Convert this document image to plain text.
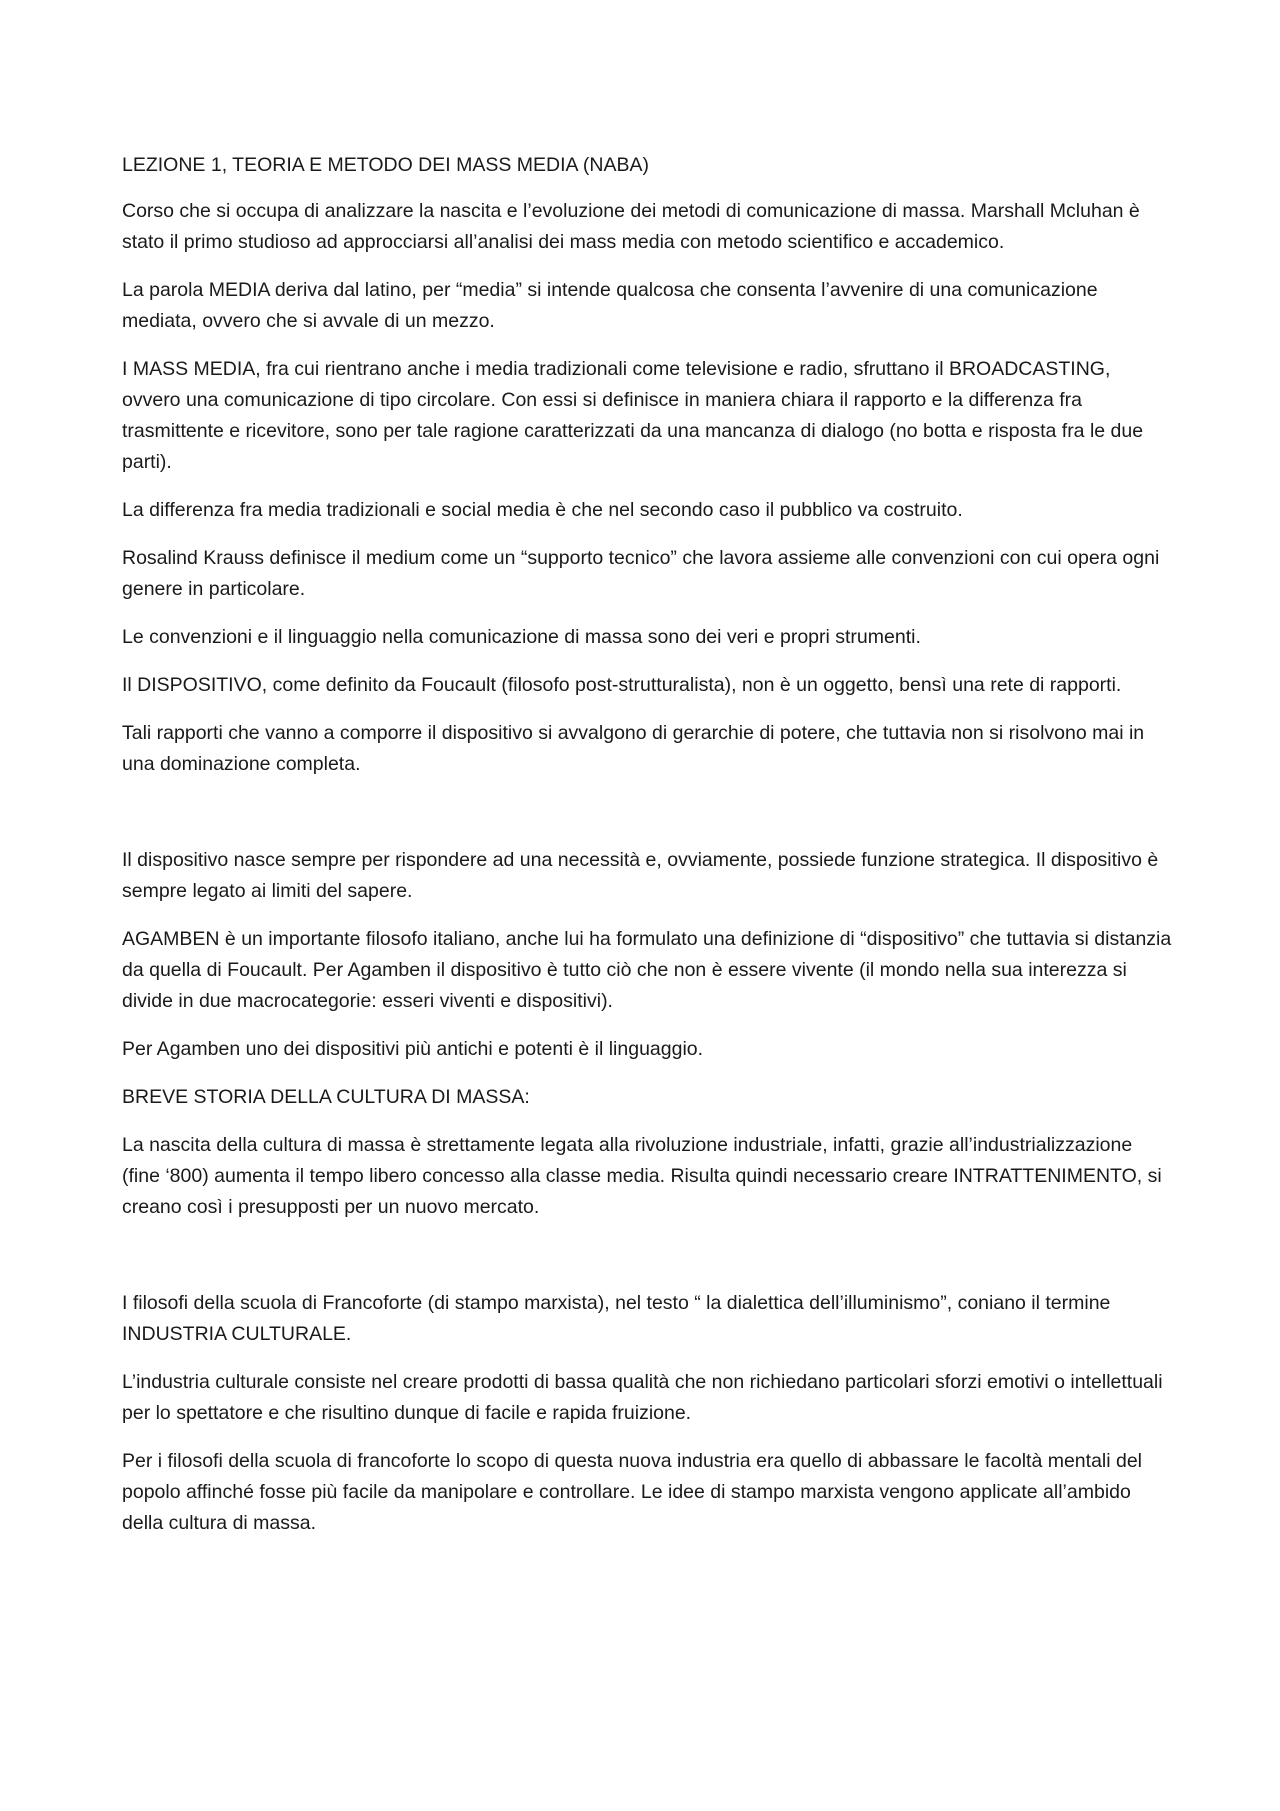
LEZIONE 1, TEORIA E METODO DEI MASS MEDIA (NABA)

Corso che si occupa di analizzare la nascita e l’evoluzione dei metodi di comunicazione di massa. Marshall Mcluhan è stato il primo studioso ad approcciarsi all’analisi dei mass media con metodo scientifico e accademico.

La parola MEDIA deriva dal latino, per “media” si intende qualcosa che consenta l’avvenire di una comunicazione mediata, ovvero che si avvale di un mezzo.

I MASS MEDIA, fra cui rientrano anche i media tradizionali come televisione e radio, sfruttano il BROADCASTING, ovvero una comunicazione di tipo circolare. Con essi si definisce in maniera chiara il rapporto e la differenza fra trasmittente e ricevitore, sono per tale ragione caratterizzati da una mancanza di dialogo (no botta e risposta fra le due parti).

La differenza fra media tradizionali e social media è che nel secondo caso il pubblico va costruito.

Rosalind Krauss definisce il medium come un “supporto tecnico” che lavora assieme alle convenzioni con cui opera ogni genere in particolare.

Le convenzioni e il linguaggio nella comunicazione di massa sono dei veri e propri strumenti.

Il DISPOSITIVO, come definito da Foucault (filosofo post-strutturalista), non è un oggetto, bensì una rete di rapporti.

Tali rapporti che vanno a comporre il dispositivo si avvalgono di gerarchie di potere, che tuttavia non si risolvono mai in una dominazione completa.

Il dispositivo nasce sempre per rispondere ad una necessità e, ovviamente, possiede funzione strategica. Il dispositivo è sempre legato ai limiti del sapere.

AGAMBEN è un importante filosofo italiano, anche lui ha formulato una definizione di “dispositivo” che tuttavia si distanzia da quella di Foucault. Per Agamben il dispositivo è tutto ciò che non è essere vivente (il mondo nella sua interezza si divide in due macrocategorie: esseri viventi e dispositivi).

Per Agamben uno dei dispositivi più antichi e potenti è il linguaggio.

BREVE STORIA DELLA CULTURA DI MASSA:

La nascita della cultura di massa è strettamente legata alla rivoluzione industriale, infatti, grazie all’industrializzazione (fine ‘800) aumenta il tempo libero concesso alla classe media. Risulta quindi necessario creare INTRATTENIMENTO, si creano così i presupposti per un nuovo mercato.

I filosofi della scuola di Francoforte (di stampo marxista), nel testo “ la dialettica dell’illuminismo”, coniano il termine INDUSTRIA CULTURALE.

L’industria culturale consiste nel creare prodotti di bassa qualità che non richiedano particolari sforzi emotivi o intellettuali per lo spettatore e che risultino dunque di facile e rapida fruizione.

Per i filosofi della scuola di francoforte lo scopo di questa nuova industria era quello di abbassare le facoltà mentali del popolo affinché fosse più facile da manipolare e controllare. Le idee di stampo marxista vengono applicate all’ambido della cultura di massa.
